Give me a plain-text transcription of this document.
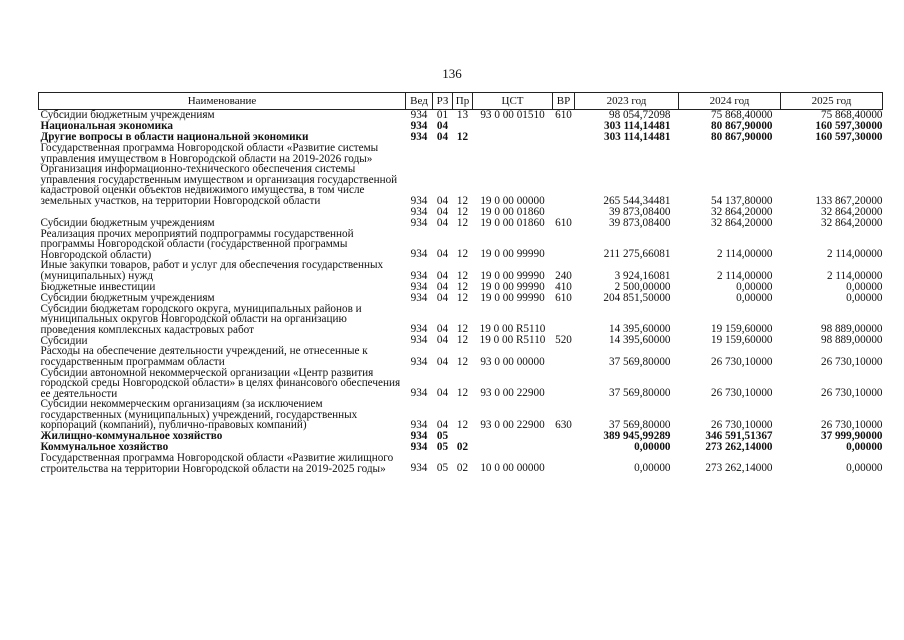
136
Наименование	Вед	РЗ	Пр	ЦСТ	ВР	2023 год	2024 год	2025 год
Субсидии бюджетным учреждениям	934	01	13	93 0 00 01510	610	98 054,72098	75 868,40000	75 868,40000
Национальная экономика	934	04				303 114,14481	80 867,90000	160 597,30000
Другие вопросы в области национальной экономики	934	04	12			303 114,14481	80 867,90000	160 597,30000
Государственная программа Новгородской области «Развитие системы управления имуществом в Новгородской области на 2019-2026 годы» Организация информационно-технического обеспечения системы управления государственным имуществом и организация государственной кадастровой оценки объектов недвижимого имущества, в том числе земельных участков, на территории Новгородской области	934	04	12	19 0 00 00000		265 544,34481	54 137,80000	133 867,20000
	934	04	12	19 0 00 01860		39 873,08400	32 864,20000	32 864,20000
Субсидии бюджетным учреждениям	934	04	12	19 0 00 01860	610	39 873,08400	32 864,20000	32 864,20000
Реализация прочих мероприятий подпрограммы государственной программы Новгородской области (государственной программы Новгородской области)	934	04	12	19 0 00 99990		211 275,66081	2 114,00000	2 114,00000
Иные закупки товаров, работ и услуг для обеспечения государственных (муниципальных) нужд	934	04	12	19 0 00 99990	240	3 924,16081	2 114,00000	2 114,00000
Бюджетные инвестиции	934	04	12	19 0 00 99990	410	2 500,00000	0,00000	0,00000
Субсидии бюджетным учреждениям	934	04	12	19 0 00 99990	610	204 851,50000	0,00000	0,00000
Субсидии бюджетам городского округа, муниципальных районов и муниципальных округов Новгородской области на организацию проведения комплексных кадастровых работ	934	04	12	19 0 00 R5110		14 395,60000	19 159,60000	98 889,00000
Субсидии	934	04	12	19 0 00 R5110	520	14 395,60000	19 159,60000	98 889,00000
Расходы на обеспечение деятельности учреждений, не отнесенные к государственным программам области	934	04	12	93 0 00 00000		37 569,80000	26 730,10000	26 730,10000
Субсидии автономной некоммерческой организации «Центр развития городской среды Новгородской области» в целях финансового обеспечения ее деятельности	934	04	12	93 0 00 22900		37 569,80000	26 730,10000	26 730,10000
Субсидии некоммерческим организациям (за исключением государственных (муниципальных) учреждений, государственных корпораций (компаний), публично-правовых компаний)	934	04	12	93 0 00 22900	630	37 569,80000	26 730,10000	26 730,10000
Жилищно-коммунальное хозяйство	934	05				389 945,99289	346 591,51367	37 999,90000
Коммунальное хозяйство	934	05	02			0,00000	273 262,14000	0,00000
Государственная программа Новгородской области «Развитие жилищного строительства на территории Новгородской области на 2019-2025 годы»	934	05	02	10 0 00 00000		0,00000	273 262,14000	0,00000
